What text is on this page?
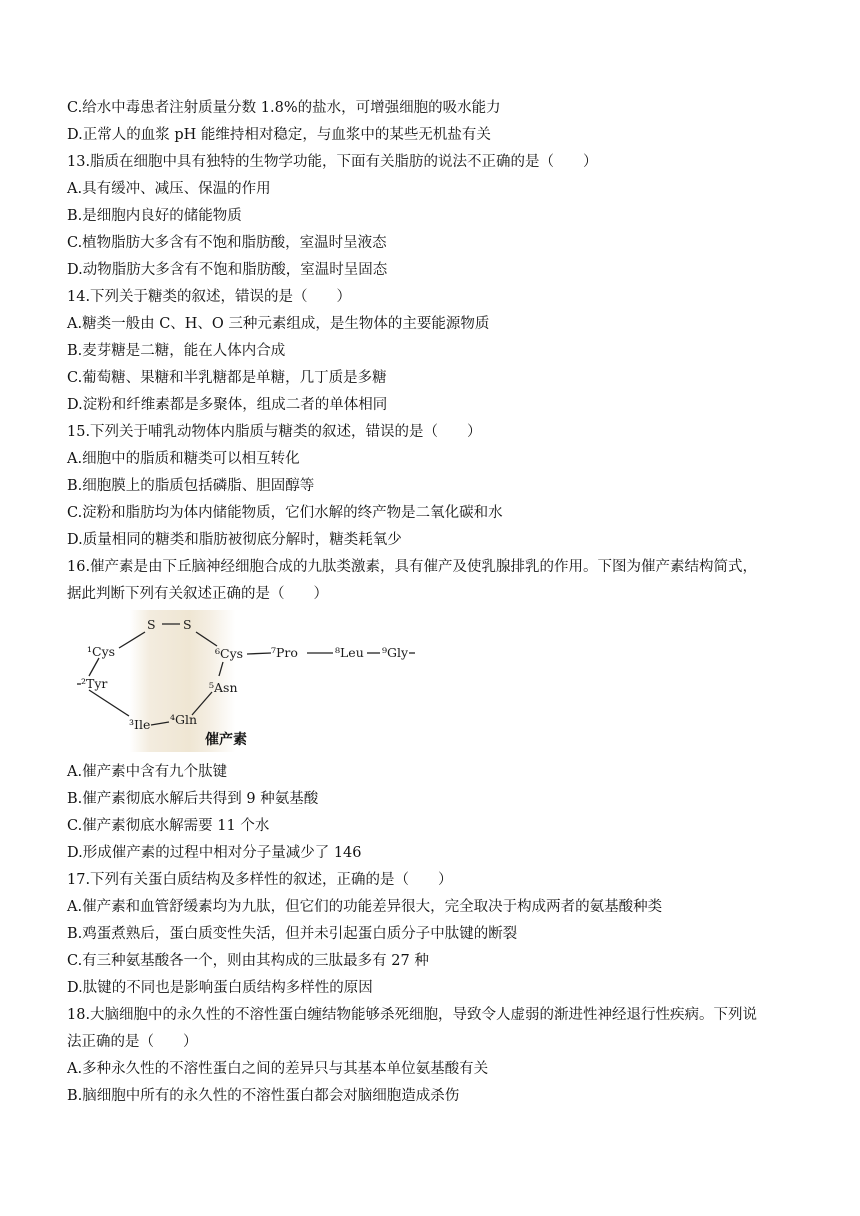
C.给水中毒患者注射质量分数 1.8%的盐水，可增强细胞的吸水能力
D.正常人的血浆 pH 能维持相对稳定，与血浆中的某些无机盐有关
13.脂质在细胞中具有独特的生物学功能，下面有关脂肪的说法不正确的是（　　）
A.具有缓冲、减压、保温的作用
B.是细胞内良好的储能物质
C.植物脂肪大多含有不饱和脂肪酸，室温时呈液态
D.动物脂肪大多含有不饱和脂肪酸，室温时呈固态
14.下列关于糖类的叙述，错误的是（　　）
A.糖类一般由 C、H、O 三种元素组成，是生物体的主要能源物质
B.麦芽糖是二糖，能在人体内合成
C.葡萄糖、果糖和半乳糖都是单糖，几丁质是多糖
D.淀粉和纤维素都是多聚体，组成二者的单体相同
15.下列关于哺乳动物体内脂质与糖类的叙述，错误的是（　　）
A.细胞中的脂质和糖类可以相互转化
B.细胞膜上的脂质包括磷脂、胆固醇等
C.淀粉和脂肪均为体内储能物质，它们水解的终产物是二氧化碳和水
D.质量相同的糖类和脂肪被彻底分解时，糖类耗氧少
16.催产素是由下丘脑神经细胞合成的九肽类激素，具有催产及使乳腺排乳的作用。下图为催产素结构简式，
据此判断下列有关叙述正确的是（　　）
S S
¹Cys	⁶Cys ⁷Pro	⁸Leu ⁹Gly
²Tyr	⁵Asn
³Ile ⁴Gln
催产素
A.催产素中含有九个肽键
B.催产素彻底水解后共得到 9 种氨基酸
C.催产素彻底水解需要 11 个水
D.形成催产素的过程中相对分子量减少了 146
17.下列有关蛋白质结构及多样性的叙述，正确的是（　　）
A.催产素和血管舒缓素均为九肽，但它们的功能差异很大，完全取决于构成两者的氨基酸种类
B.鸡蛋煮熟后，蛋白质变性失活，但并未引起蛋白质分子中肽键的断裂
C.有三种氨基酸各一个，则由其构成的三肽最多有 27 种
D.肽键的不同也是影响蛋白质结构多样性的原因
18.大脑细胞中的永久性的不溶性蛋白缠结物能够杀死细胞，导致令人虚弱的渐进性神经退行性疾病。下列说
法正确的是（　　）
A.多种永久性的不溶性蛋白之间的差异只与其基本单位氨基酸有关
B.脑细胞中所有的永久性的不溶性蛋白都会对脑细胞造成杀伤
